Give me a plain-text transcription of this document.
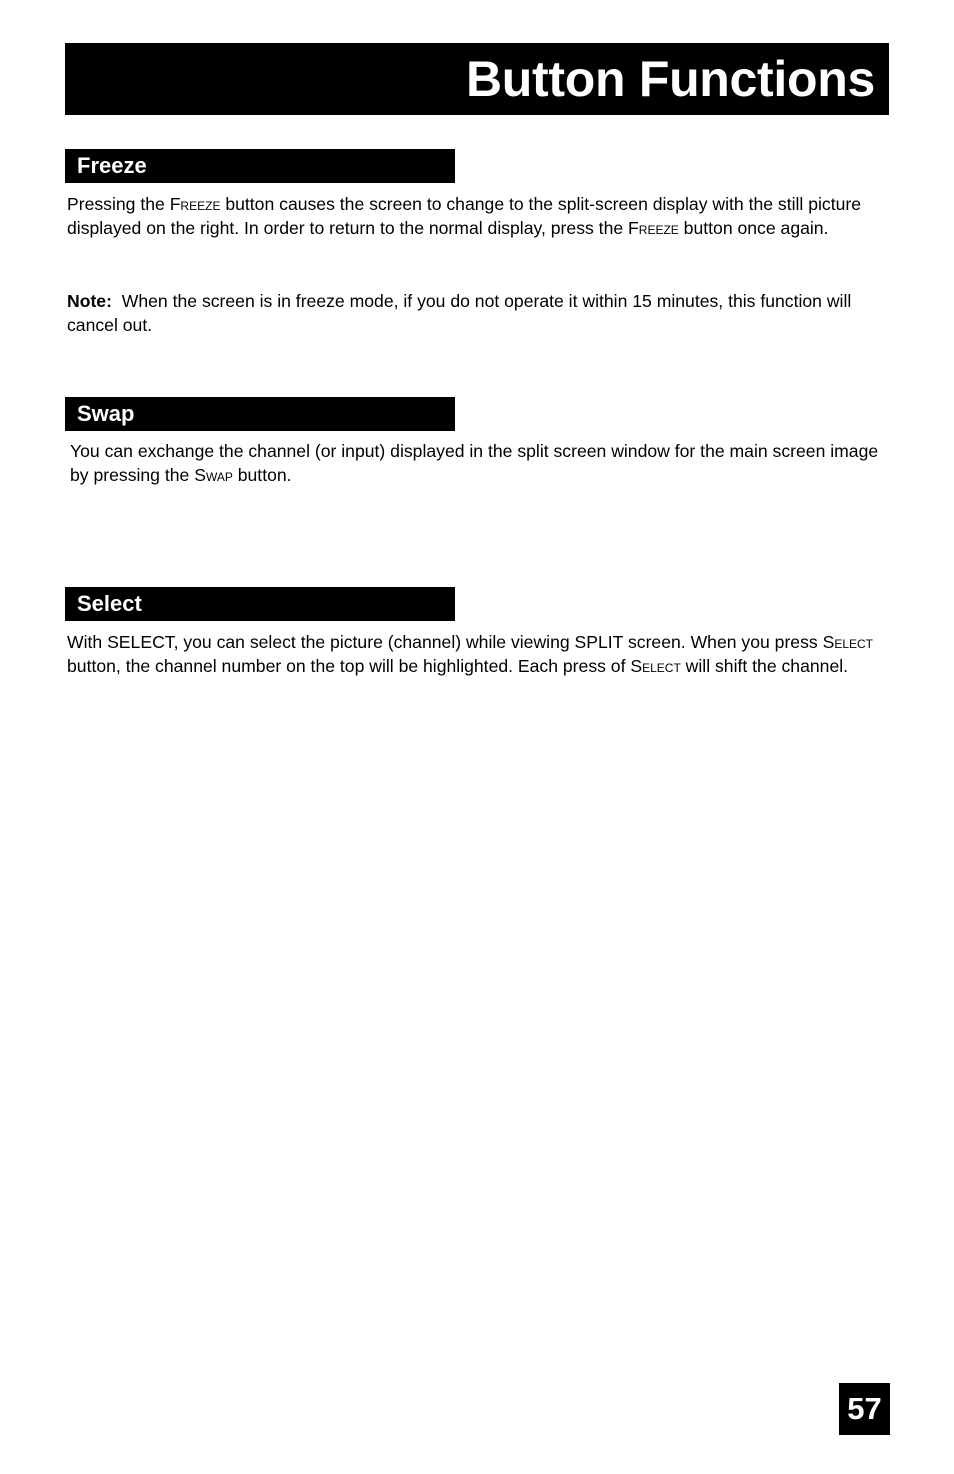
Button Functions
Freeze

Pressing the Freeze button causes the screen to change to the split-screen display with the still picture displayed on the right. In order to return to the normal display, press the Freeze button once again.

Note:  When the screen is in freeze mode, if you do not operate it within 15 minutes, this function will cancel out.

Swap

You can exchange the channel (or input) displayed in the split screen window for the main screen image by pressing the Swap button.

Select

With SELECT, you can select the picture (channel) while viewing SPLIT screen. When you press Select button, the channel number on the top will be highlighted. Each press of Select will shift the channel.

57
